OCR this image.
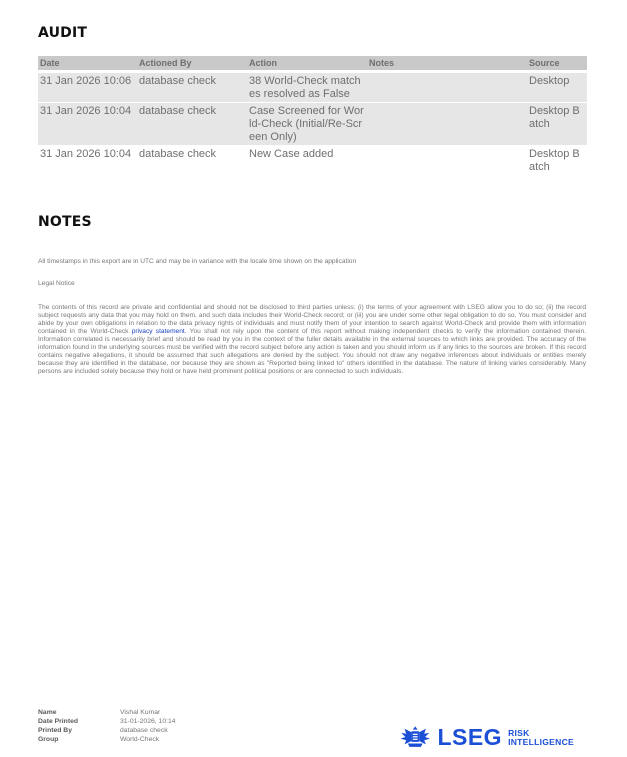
AUDIT
Date	Actioned By	Action	Notes	Source
31 Jan 2026 10:06	database check	38 World-Check matches resolved as False		Desktop

31 Jan 2026 10:04	database check	Case Screened for World-Check (Initial/Re-Screen Only)		Desktop Batch

31 Jan 2026 10:04	database check	New Case added		Desktop Batch
NOTES

All timestamps in this export are in UTC and may be in variance with the locale time shown on the application

Legal Notice

The contents of this record are private and confidential and should not be disclosed to third parties unless: (i) the terms of your agreement with LSEG allow you to do so; (ii) the record subject requests any data that you may hold on them, and such data includes their World-Check record; or (iii) you are under some other legal obligation to do so. You must consider and abide by your own obligations in relation to the data privacy rights of individuals and must notify them of your intention to search against World-Check and provide them with information contained in the World-Check privacy statement. You shall not rely upon the content of this report without making independent checks to verify the information contained therein. Information correlated is necessarily brief and should be read by you in the context of the fuller details available in the external sources to which links are provided. The accuracy of the information found in the underlying sources must be verified with the record subject before any action is taken and you should inform us if any links to the sources are broken. If this record contains negative allegations, it should be assumed that such allegations are denied by the subject. You should not draw any negative inferences about individuals or entities merely because they are identified in the database, nor because they are shown as "Reported being linked to" others identified in the database. The nature of linking varies considerably. Many persons are included solely because they hold or have held prominent political positions or are connected to such individuals.

Name	Vishal Kumar
Date Printed	31-01-2026, 10:14
Printed By	database check
Group	World-Check	LSEG RISK
INTELLIGENCE
